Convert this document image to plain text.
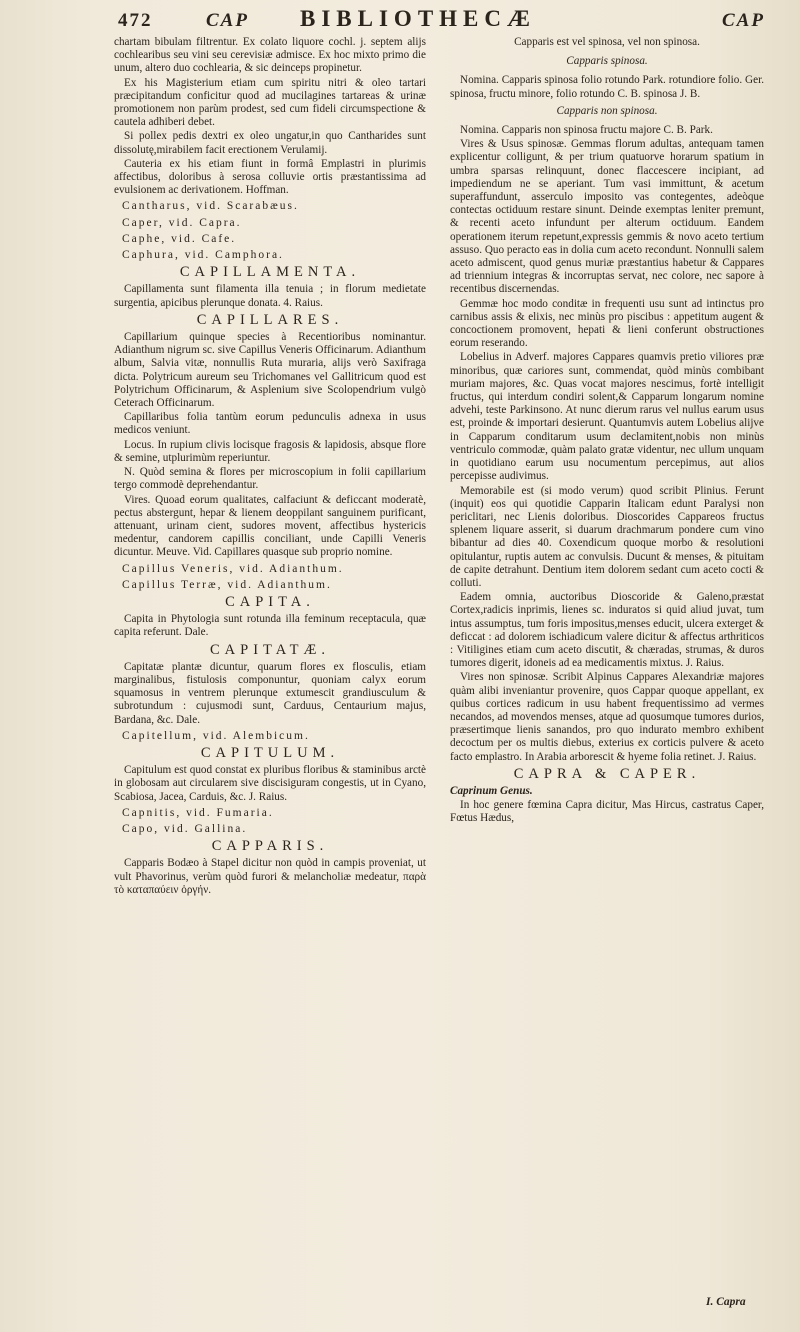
472	CAP BIBLIOTHECÆ	CAP

chartam bibulam filtrentur. Ex colato liquore cochl. j. septem alijs cochlearibus seu vini seu cerevisiæ admisce. Ex hoc mixto primo die unum, altero duo cochlearia, & sic deinceps propinetur.

Ex his Magisterium etiam cum spiritu nitri & oleo tartari præcipitandum conficitur quod ad mucilagines tartareas & urinæ promotionem non parùm prodest, sed cum fideli circumspectione & cautela adhiberi debet.

Si pollex pedis dextri ex oleo ungatur,in quo Cantharides sunt dissolutę,mirabilem facit erectionem Verulamij.

Cauteria ex his etiam fiunt in formâ Emplastri in plurimis affectibus, doloribus à serosa colluvie ortis præstantissima ad evulsionem ac derivationem. Hoffman.

Cantharus, vid. Scarabæus.

Caper, vid. Capra.

Caphe, vid. Cafe.

Caphura, vid. Camphora.

CAPILLAMENTA.

Capillamenta sunt filamenta illa tenuia ; in florum medietate surgentia, apicibus plerunque donata. 4. Raius.

CAPILLARES.

Capillarium quinque species à Recentioribus nominantur. Adianthum nigrum sc. sive Capillus Veneris Officinarum. Adianthum album, Salvia vitæ, nonnullis Ruta muraria, alijs verò Saxifraga dicta. Polytricum aureum seu Trichomanes vel Gallitricum quod est Polytrichum Officinarum, & Asplenium sive Scolopendrium vulgò Ceterach Officinarum.

Capillaribus folia tantùm eorum pedunculis adnexa in usus medicos veniunt.

Locus. In rupium clivis locisque fragosis & lapidosis, absque flore & semine, utplurimùm reperiuntur.

N. Quòd semina & flores per microscopium in folii capillarium tergo commodè deprehendantur.

Vires. Quoad eorum qualitates, calfaciunt & deficcant moderatè, pectus abstergunt, hepar & lienem deoppilant sanguinem purificant, attenuant, urinam cient, sudores movent, affectibus hystericis medentur, candorem capillis conciliant, unde Capilli Veneris dicuntur. Meuve. Vid. Capillares quasque sub proprio nomine.

Capillus Veneris, vid. Adianthum.

Capillus Terræ, vid. Adianthum.

CAPITA.

Capita in Phytologia sunt rotunda illa feminum receptacula, quæ capita referunt. Dale.

CAPITATÆ.

Capitatæ plantæ dicuntur, quarum flores ex flosculis, etiam marginalibus, fistulosis componuntur, quoniam calyx eorum squamosus in ventrem plerunque extumescit grandiusculum & subrotundum : cujusmodi sunt, Carduus, Centaurium majus, Bardana, &c. Dale.

Capitellum, vid. Alembicum.

CAPITULUM.

Capitulum est quod constat ex pluribus floribus & staminibus arctè in globosam aut circularem sive discisiguram congestis, ut in Cyano, Scabiosa, Jacea, Carduis, &c. J. Raius.

Capnitis, vid. Fumaria.

Capo, vid. Gallina.

CAPPARIS.

Capparis Bodæo à Stapel dicitur non quòd in campis proveniat, ut vult Phavorinus, verùm quòd furori & melancholiæ medeatur, παρὰ τὸ καταπαύειν ὀργήν.

Capparis est vel spinosa, vel non spinosa.

Capparis spinosa.

Nomina. Capparis spinosa folio rotundo Park. rotundiore folio. Ger. spinosa, fructu minore, folio rotundo C. B. spinosa J. B.

Capparis non spinosa.

Nomina. Capparis non spinosa fructu majore C. B. Park.

Vires & Usus spinosæ. Gemmas florum adultas, antequam tamen explicentur colligunt, & per trium quatuorve horarum spatium in umbra sparsas relinquunt, donec flaccescere incipiant, ad impediendum ne se aperiant. Tum vasi immittunt, & acetum superaffundunt, asserculo imposito vas contegentes, adeòque contectas octiduum restare sinunt. Deinde exemptas leniter premunt, & recenti aceto infundunt per alterum octiduum. Eandem operationem iterum repetunt,expressis gemmis & novo aceto tertium assuso. Quo peracto eas in dolia cum aceto recondunt. Nonnulli salem aceto admiscent, quod genus muriæ præstantius habetur & Cappares ad triennium integras & incorruptas servat, nec colore, nec sapore à recentibus discernendas.

Gemmæ hoc modo conditæ in frequenti usu sunt ad intinctus pro carnibus assis & elixis, nec minùs pro piscibus : appetitum augent & concoctionem promovent, hepati & lieni conferunt obstructiones eorum reserando.

Lobelius in Adverf. majores Cappares quamvis pretio viliores præ minoribus, quæ cariores sunt, commendat, quòd minùs combibant muriam majores, &c. Quas vocat majores nescimus, fortè intelligit fructus, qui interdum condiri solent,& Capparum longarum nomine advehi, teste Parkinsono. At nunc dierum rarus vel nullus earum usus est, proinde & importari desierunt. Quantumvis autem Lobelius alijve in Capparum conditarum usum declamitent,nobis non minùs ventriculo commodæ, quàm palato gratæ videntur, nec ullum unquam in quotidiano earum usu nocumentum percepimus, aut alios percepisse audivimus.

Memorabile est (si modo verum) quod scribit Plinius. Ferunt (inquit) eos qui quotidie Capparin Italicam edunt Paralysi non periclitari, nec Lienis doloribus. Dioscorides Cappareos fructus splenem liquare asserit, si duarum drachmarum pondere cum vino bibantur ad dies 40. Coxendicum quoque morbo & resolutioni opitulantur, ruptis autem ac convulsis. Ducunt & menses, & pituitam de capite detrahunt. Dentium item dolorem sedant cum aceto cocti & colluti.

Eadem omnia, auctoribus Dioscoride & Galeno,præstat Cortex,radicis inprimis, lienes sc. induratos si quid aliud juvat, tum intus assumptus, tum foris impositus,menses educit, ulcera exterget & deficcat : ad dolorem ischiadicum valere dicitur & affectus arthriticos : Vitiligines etiam cum aceto discutit, & chæradas, strumas, & duros tumores digerit, idoneis ad ea medicamentis mixtus. J. Raius.

Vires non spinosæ. Scribit Alpinus Cappares Alexandriæ majores quàm alibi inveniantur provenire, quos Cappar quoque appellant, ex quibus cortices radicum in usu habent frequentissimo ad vermes necandos, ad movendos menses, atque ad quosumque tumores durios, præsertimque lienis sanandos, pro quo indurato membro exhibent decoctum per os multis diebus, exterius ex corticis pulvere & aceto facto emplastro. In Arabia arborescit & hyeme folia retinet. J. Raius.

CAPRA & CAPER.

Caprinum Genus.

In hoc genere fœmina Capra dicitur, Mas Hircus, castratus Caper, Fœtus Hædus,

I. Capra
